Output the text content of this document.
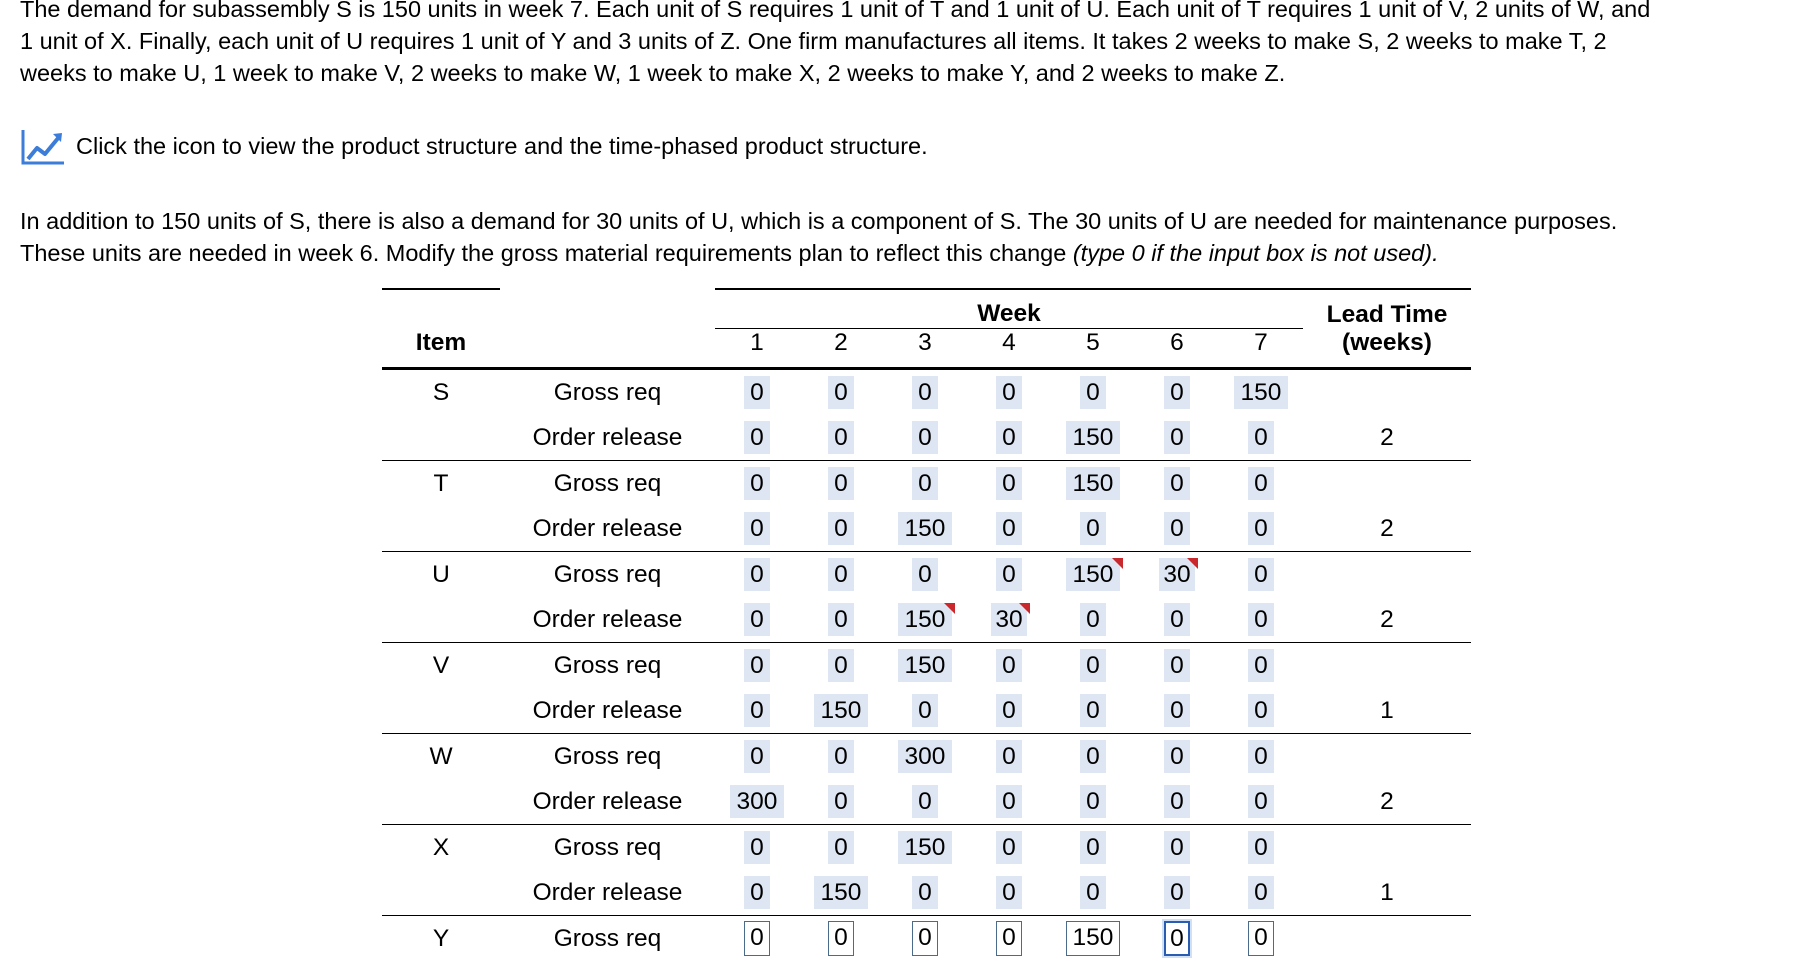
The demand for subassembly S is 150 units in week 7. Each unit of S requires 1 unit of T and 1 unit of U. Each unit of T requires 1 unit of V, 2 units of W, and
1 unit of X. Finally, each unit of U requires 1 unit of Y and 3 units of Z. One firm manufactures all items. It takes 2 weeks to make S, 2 weeks to make T, 2
weeks to make U, 1 week to make V, 2 weeks to make W, 1 week to make X, 2 weeks to make Y, and 2 weeks to make Z.
Click the icon to view the product structure and the time-phased product structure.
In addition to 150 units of S, there is also a demand for 30 units of U, which is a component of S. The 30 units of U are needed for maintenance purposes.
These units are needed in week 6. Modify the gross material requirements plan to reflect this change (type 0 if the input box is not used).
		Week							Lead Time
Item		1	2	3	4	5	6	7	(weeks)
S	Gross req	0	0	0	0	0	0	150	
	Order release	0	0	0	0	150	0	0	2
T	Gross req	0	0	0	0	150	0	0	
	Order release	0	0	150	0	0	0	0	2
U	Gross req	0	0	0	0	150	30	0	
	Order release	0	0	150	30	0	0	0	2
V	Gross req	0	0	150	0	0	0	0	
	Order release	0	150	0	0	0	0	0	1
W	Gross req	0	0	300	0	0	0	0	
	Order release	300	0	0	0	0	0	0	2
X	Gross req	0	0	150	0	0	0	0	
	Order release	0	150	0	0	0	0	0	1
Y	Gross req	0	0	0	0	150	0	0	
